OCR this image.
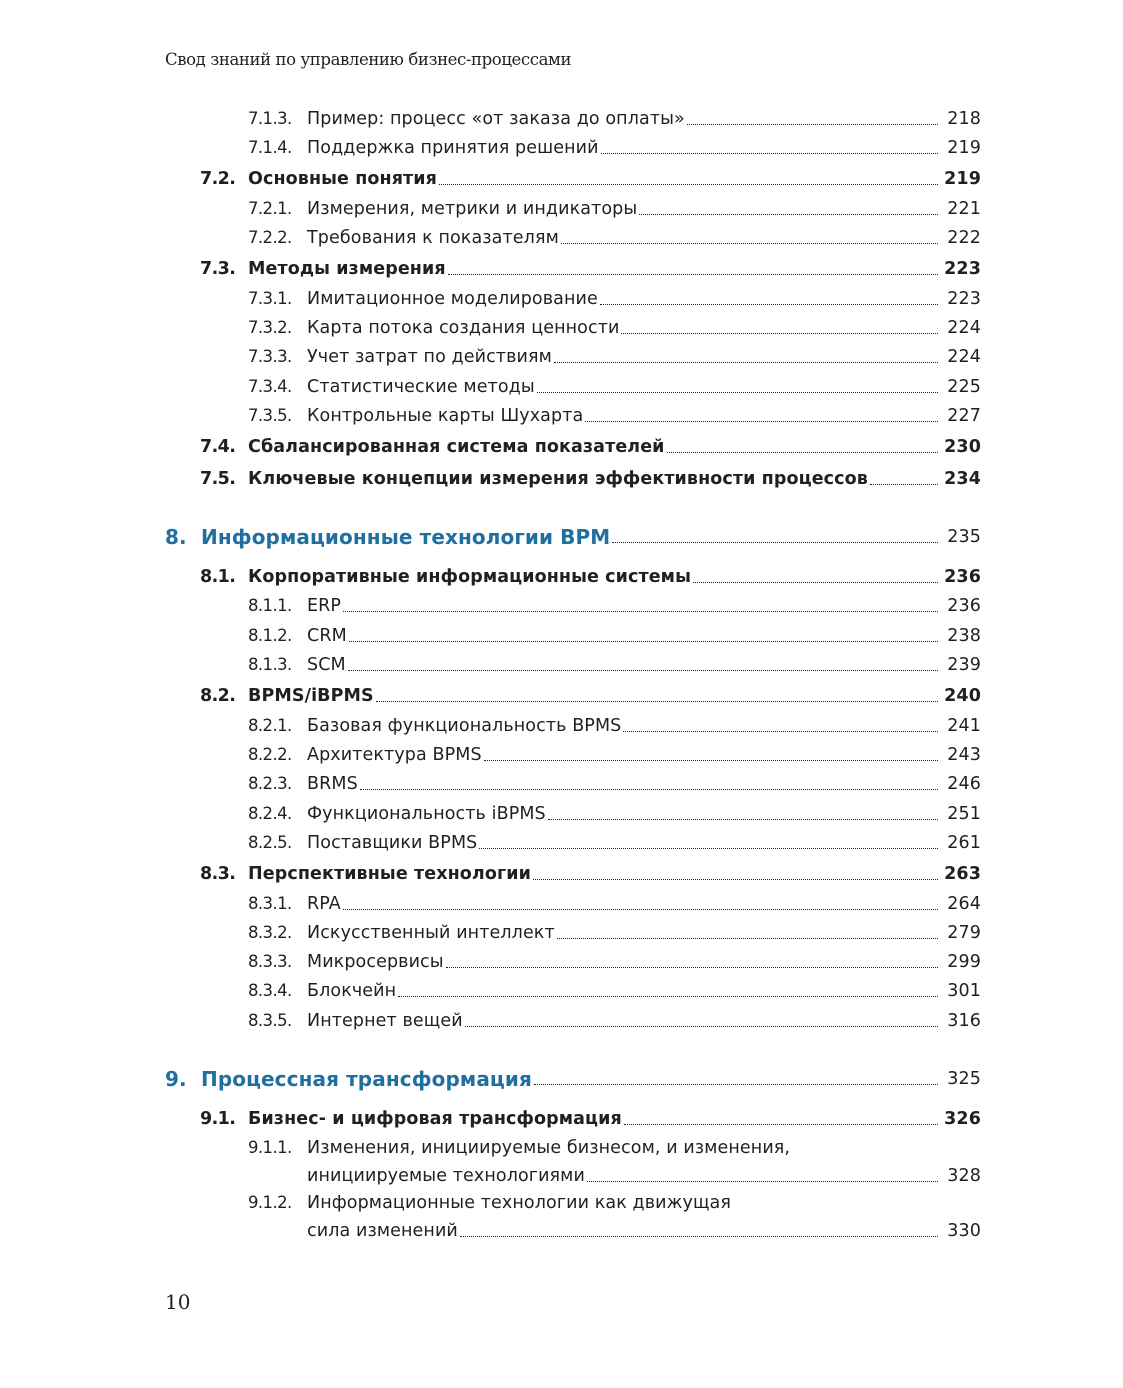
Свод знаний по управлению бизнес-процессами
7.1.3. Пример: процесс «от заказа до оплаты»	218
7.1.4. Поддержка принятия решений	219
7.2. Основные понятия	219
7.2.1. Измерения, метрики и индикаторы	221
7.2.2. Требования к показателям	222
7.3. Методы измерения	223
7.3.1. Имитационное моделирование	223
7.3.2. Карта потока создания ценности	224
7.3.3. Учет затрат по действиям	224
7.3.4. Статистические методы	225
7.3.5. Контрольные карты Шухарта	227
7.4. Сбалансированная система показателей	230
7.5. Ключевые концепции измерения эффективности процессов	234
8. Информационные технологии BPM	235
8.1. Корпоративные информационные системы	236
8.1.1. ERP	236
8.1.2. CRM	238
8.1.3. SCM	239
8.2. BPMS/iBPMS	240
8.2.1. Базовая функциональность BPMS	241
8.2.2. Архитектура BPMS	243
8.2.3. BRMS	246
8.2.4. Функциональность iBPMS	251
8.2.5. Поставщики BPMS	261
8.3. Перспективные технологии	263
8.3.1. RPA	264
8.3.2. Искусственный интеллект	279
8.3.3. Микросервисы	299
8.3.4. Блокчейн	301
8.3.5. Интернет вещей	316
9. Процессная трансформация	325
9.1. Бизнес- и цифровая трансформация	326
9.1.1. Изменения, инициируемые бизнесом, и изменения,
инициируемые технологиями	328
9.1.2. Информационные технологии как движущая
сила изменений	330
10
